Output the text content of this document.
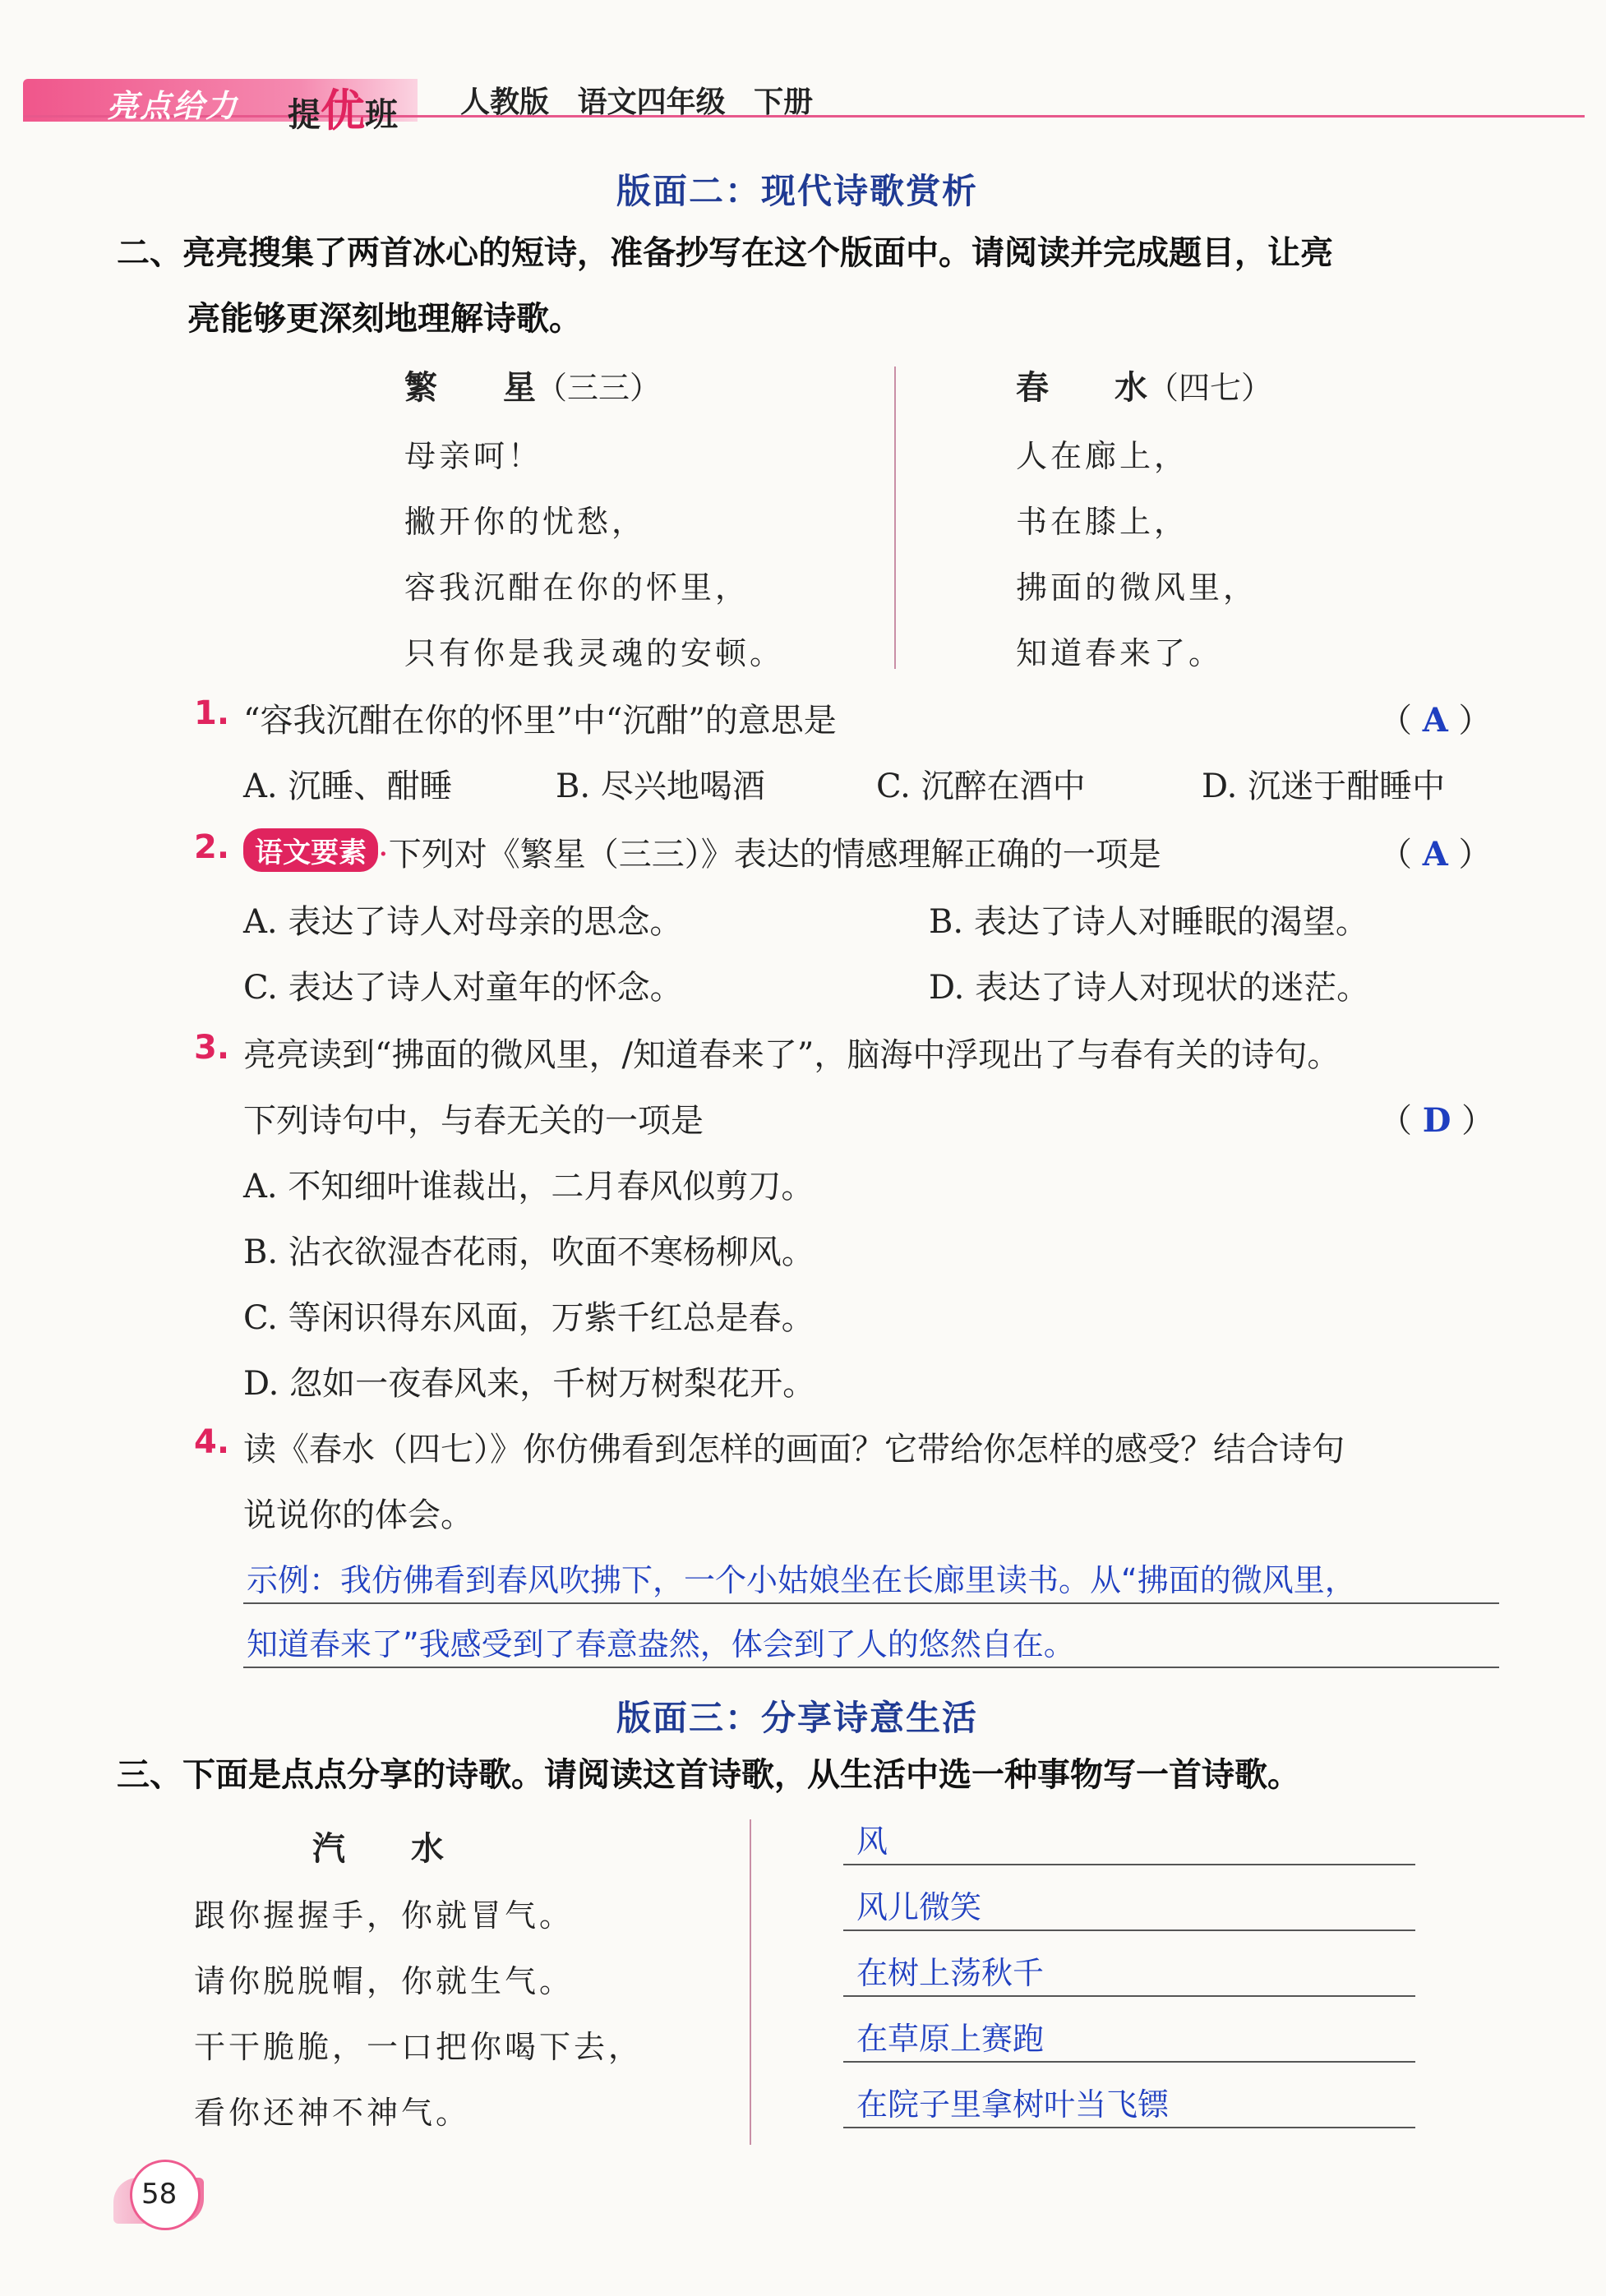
亮点给力 提优班 人教版 语文四年级 下册
版面二：现代诗歌赏析
二、亮亮搜集了两首冰心的短诗，准备抄写在这个版面中。请阅读并完成题目，让亮
亮能够更深刻地理解诗歌。
繁　　星（三三）
母亲呵！
撇开你的忧愁，
容我沉酣在你的怀里，
只有你是我灵魂的安顿。
春　　水（四七）
人在廊上，
书在膝上，
拂面的微风里，
知道春来了。
1. “容我沉酣在你的怀里”中“沉酣”的意思是	（ A ）
A. 沉睡、酣睡	B. 尽兴地喝酒	C. 沉醉在酒中	D. 沉迷于酣睡中
2. 语文要素 ·下列对《繁星（三三）》表达的情感理解正确的一项是	（ A ）
A. 表达了诗人对母亲的思念。	B. 表达了诗人对睡眠的渴望。
C. 表达了诗人对童年的怀念。	D. 表达了诗人对现状的迷茫。
3. 亮亮读到“拂面的微风里，/知道春来了”，脑海中浮现出了与春有关的诗句。
下列诗句中，与春无关的一项是	（ D ）
A. 不知细叶谁裁出，二月春风似剪刀。
B. 沾衣欲湿杏花雨，吹面不寒杨柳风。
C. 等闲识得东风面，万紫千红总是春。
D. 忽如一夜春风来，千树万树梨花开。
4. 读《春水（四七）》你仿佛看到怎样的画面？它带给你怎样的感受？结合诗句
说说你的体会。
示例：我仿佛看到春风吹拂下，一个小姑娘坐在长廊里读书。从“拂面的微风里，
知道春来了”我感受到了春意盎然，体会到了人的悠然自在。
版面三：分享诗意生活
三、下面是点点分享的诗歌。请阅读这首诗歌，从生活中选一种事物写一首诗歌。
汽　　水
跟你握握手，你就冒气。
请你脱脱帽，你就生气。
干干脆脆，一口把你喝下去，
看你还神不神气。
风
风儿微笑
在树上荡秋千
在草原上赛跑
在院子里拿树叶当飞镖
58
